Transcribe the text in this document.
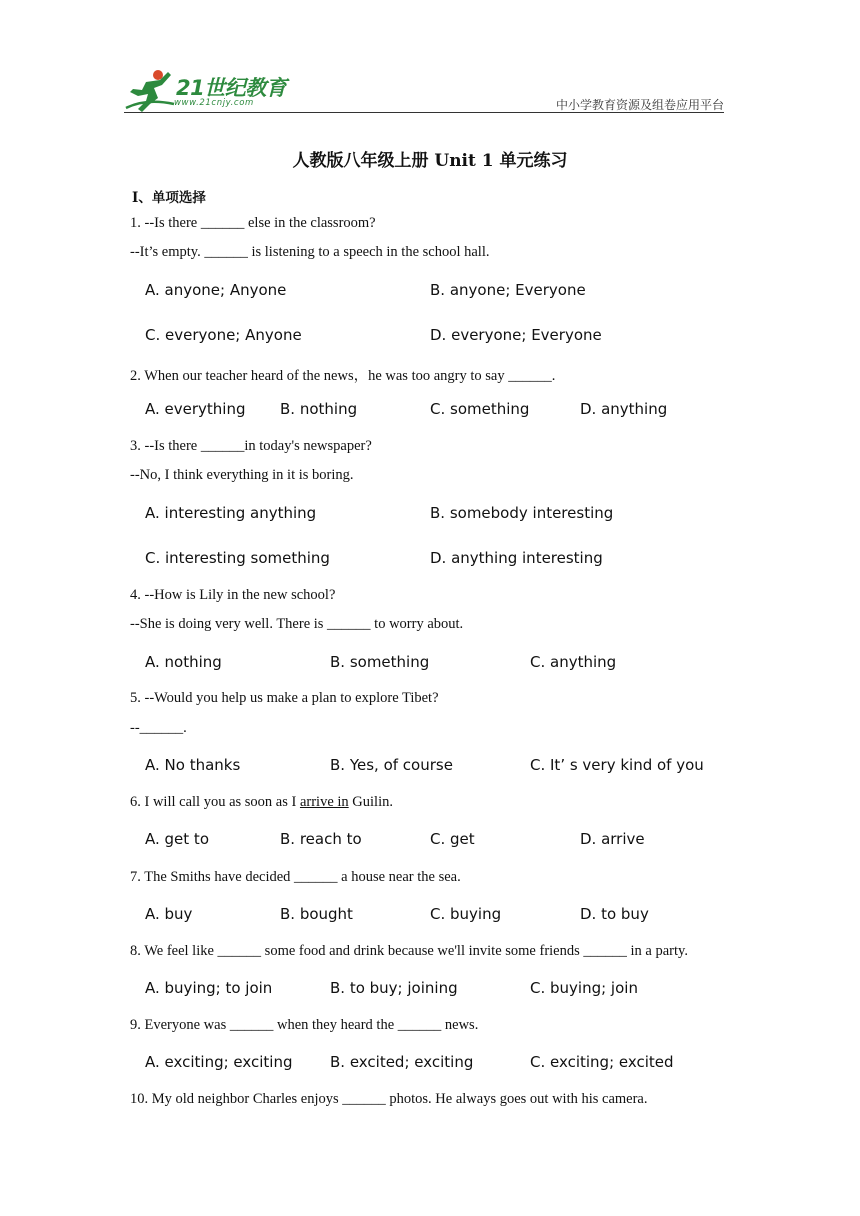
21世纪教育
www.21cnjy.com	中小学教育资源及组卷应用平台
人教版八年级上册 Unit 1 单元练习
Ⅰ、单项选择
1. --Is there ______ else in the classroom?
--It’s empty. ______ is listening to a speech in the school hall.
A. anyone; Anyone	B. anyone; Everyone
C. everyone; Anyone	D. everyone; Everyone
2. When our teacher heard of the news，he was too angry to say ______.
A. everything B. nothing	C. something	D. anything
3. --Is there ______in today's newspaper?
--No, I think everything in it is boring.
A. interesting anything	B. somebody interesting
C. interesting something	D. anything interesting
4. --How is Lily in the new school?
--She is doing very well. There is ______ to worry about.
A. nothing	B. something	C. anything
5. --Would you help us make a plan to explore Tibet?
--______.
A. No thanks	B. Yes, of course	C. It’ s very kind of you
6. I will call you as soon as I arrive in Guilin.
A. get to	B. reach to	C. get	D. arrive
7. The Smiths have decided ______ a house near the sea.
A. buy	B. bought	C. buying	D. to buy
8. We feel like ______ some food and drink because we'll invite some friends ______ in a party.
A. buying; to join	B. to buy; joining	C. buying; join
9. Everyone was ______ when they heard the ______ news.
A. exciting; exciting	B. excited; exciting	C. exciting; excited
10. My old neighbor Charles enjoys ______ photos. He always goes out with his camera.
